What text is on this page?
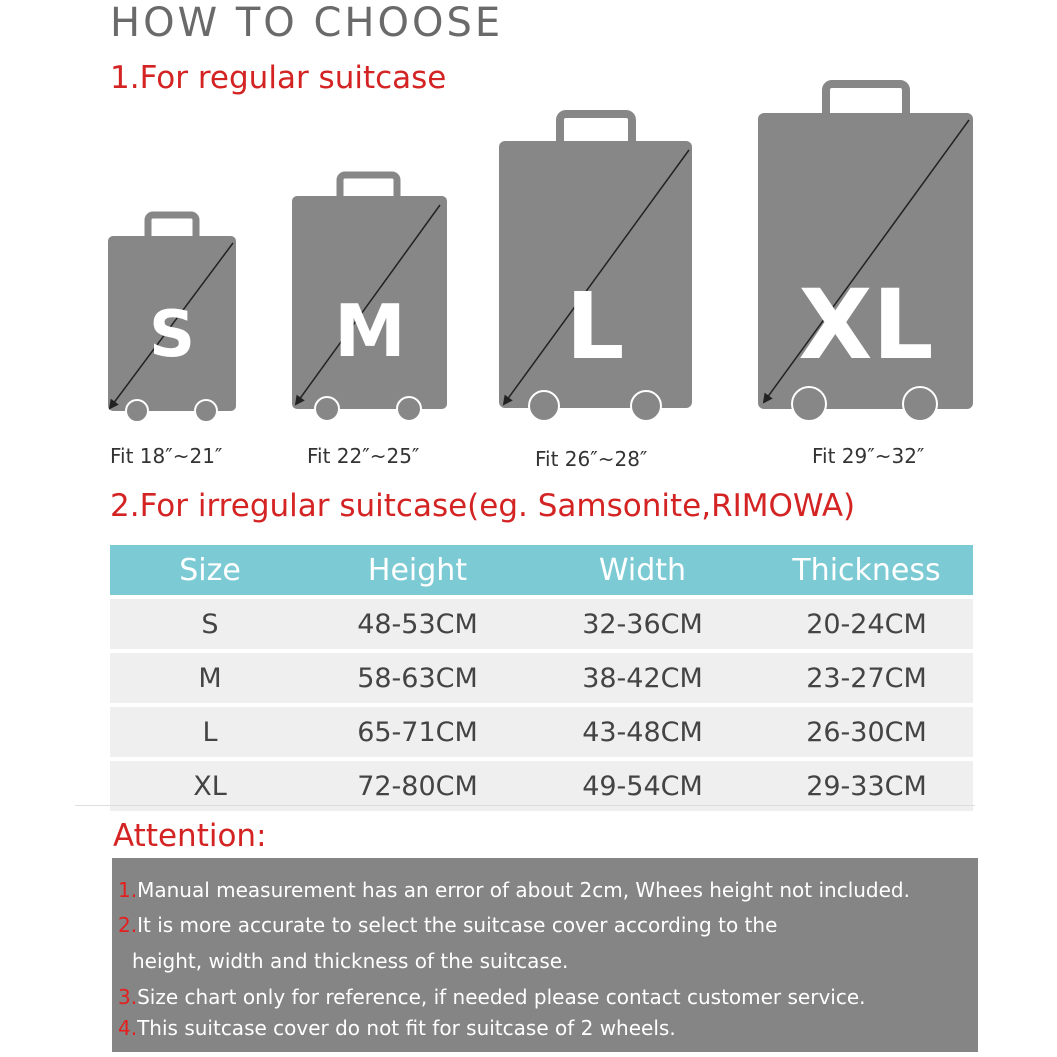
HOW TO CHOOSE
1.For regular suitcase
S M L XL
Fit 18″~21″	Fit 22″~25″	Fit 26″~28″	Fit 29″~32″
2.For irregular suitcase(eg. Samsonite,RIMOWA)
Size	Height	Width	Thickness
S	48-53CM	32-36CM	20-24CM
M	58-63CM	38-42CM	23-27CM
L	65-71CM	43-48CM	26-30CM
XL	72-80CM	49-54CM	29-33CM
Attention:
1.Manual measurement has an error of about 2cm, Whees height not included.
2.It is more accurate to select the suitcase cover according to the
height, width and thickness of the suitcase.
3.Size chart only for reference, if needed please contact customer service.
4.This suitcase cover do not fit for suitcase of 2 wheels.
